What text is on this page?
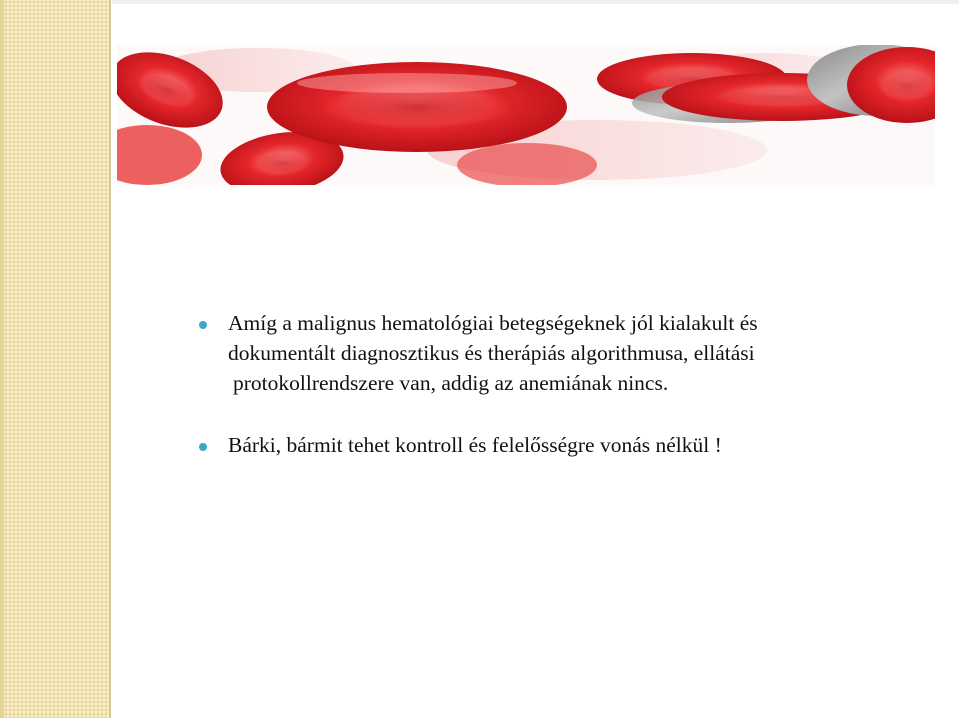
Amíg a malignus hematológiai betegségeknek jól kialakult és
dokumentált diagnosztikus és therápiás algorithmusa, ellátási
protokollrendszere van, addig az anemiának nincs.
Bárki, bármit tehet kontroll és felelősségre vonás nélkül !
